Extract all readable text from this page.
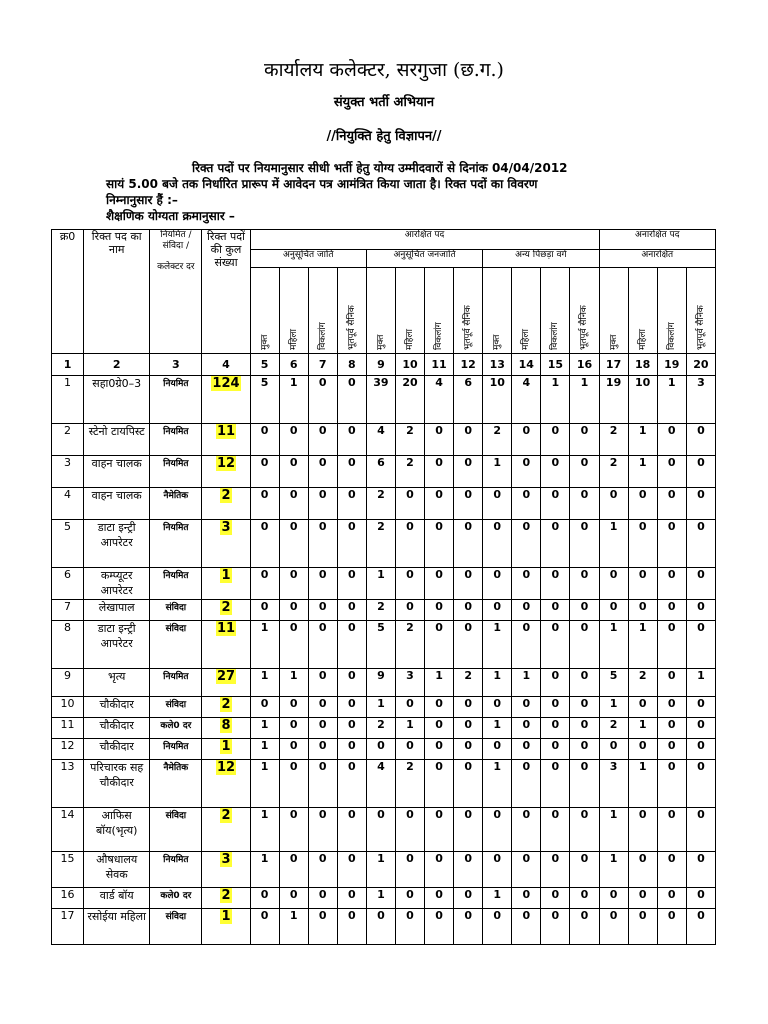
कार्यालय कलेक्टर, सरगुजा (छ.ग.)
संयुक्त भर्ती अभियान
//नियुक्ति हेतु विज्ञापन//
रिक्त पदों पर नियमानुसार सीधी भर्ती हेतु योग्य उम्मीदवारों से दिनांक 04/04/2012
सायं 5.00 बजे तक निर्धारित प्रारूप में आवेदन पत्र आमंत्रित किया जाता है। रिक्त पदों का विवरण
निम्नानुसार हैं :–
शैक्षणिक योग्यता क्रमानुसार –
क्र0	रिक्त पद का नाम	नियमित /
संविदा /
कलेक्टर दर	रिक्त पदों की कुल संख्या	आरक्षित पद												अनारक्षित पद			
				अनुसूचित जाति				अनुसूचित जनजाति				अन्य पिछड़ा वर्ग				अनारक्षित			
				मुक्त	महिला	विकलांग	भूतपूर्व सैनिक	मुक्त	महिला	विकलांग	भूतपूर्व सैनिक	मुक्त	महिला	विकलांग	भूतपूर्व सैनिक	मुक्त	महिला	विकलांग	भूतपूर्व सैनिक
1	2	3	4	5	6	7	8	9	10	11	12	13	14	15	16	17	18	19	20
1	सहा0ग्रे0–3	नियमित	124	5	1	0	0	39	20	4	6	10	4	1	1	19	10	1	3
2	स्टेनो टायपिस्ट	नियमित	11	0	0	0	0	4	2	0	0	2	0	0	0	2	1	0	0
3	वाहन चालक	नियमित	12	0	0	0	0	6	2	0	0	1	0	0	0	2	1	0	0
4	वाहन चालक	नैमेतिक	2	0	0	0	0	2	0	0	0	0	0	0	0	0	0	0	0
5	डाटा इन्ट्री आपरेटर	नियमित	3	0	0	0	0	2	0	0	0	0	0	0	0	1	0	0	0
6	कम्प्यूटर आपरेटर	नियमित	1	0	0	0	0	1	0	0	0	0	0	0	0	0	0	0	0
7	लेखापाल	संविदा	2	0	0	0	0	2	0	0	0	0	0	0	0	0	0	0	0
8	डाटा इन्ट्री आपरेटर	संविदा	11	1	0	0	0	5	2	0	0	1	0	0	0	1	1	0	0
9	भृत्य	नियमित	27	1	1	0	0	9	3	1	2	1	1	0	0	5	2	0	1
10	चौकीदार	संविदा	2	0	0	0	0	1	0	0	0	0	0	0	0	1	0	0	0
11	चौकीदार	कले0 दर	8	1	0	0	0	2	1	0	0	1	0	0	0	2	1	0	0
12	चौकीदार	नियमित	1	1	0	0	0	0	0	0	0	0	0	0	0	0	0	0	0
13	परिचारक सह चौकीदार	नैमेतिक	12	1	0	0	0	4	2	0	0	1	0	0	0	3	1	0	0
14	आफिस बॉय(भृत्य)	संविदा	2	1	0	0	0	0	0	0	0	0	0	0	0	1	0	0	0
15	औषधालय सेवक	नियमित	3	1	0	0	0	1	0	0	0	0	0	0	0	1	0	0	0
16	वार्ड बॉय	कले0 दर	2	0	0	0	0	1	0	0	0	1	0	0	0	0	0	0	0
17	रसोईया महिला	संविदा	1	0	1	0	0	0	0	0	0	0	0	0	0	0	0	0	0
